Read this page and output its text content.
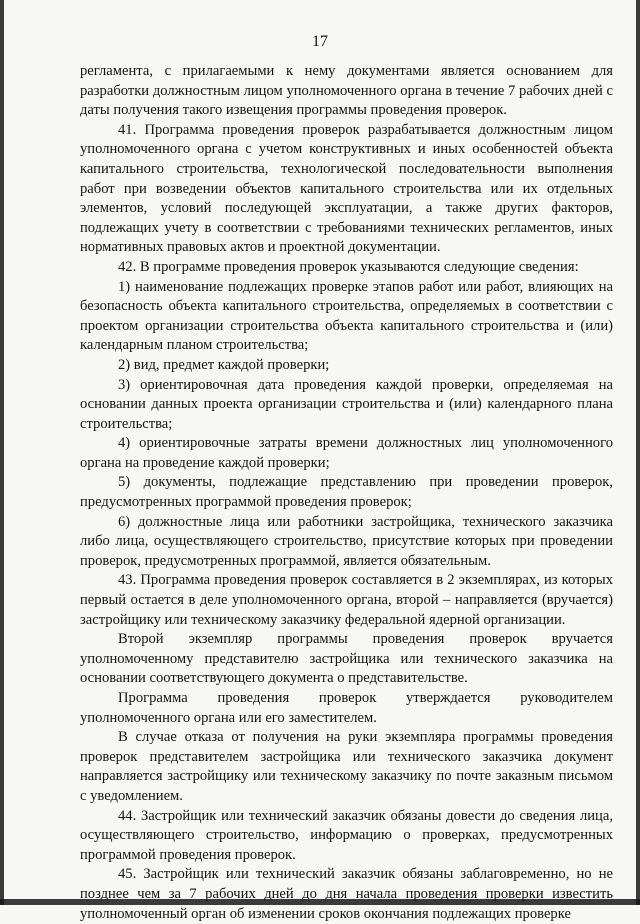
17

регламента, с прилагаемыми к нему документами является основанием для разработки должностным лицом уполномоченного органа в течение 7 рабочих дней с даты получения такого извещения программы проведения проверок.

41. Программа проведения проверок разрабатывается должностным лицом уполномоченного органа с учетом конструктивных и иных особенностей объекта капитального строительства, технологической последовательности выполнения работ при возведении объектов капитального строительства или их отдельных элементов, условий последующей эксплуатации, а также других факторов, подлежащих учету в соответствии с требованиями технических регламентов, иных нормативных правовых актов и проектной документации.

42. В программе проведения проверок указываются следующие сведения:

1) наименование подлежащих проверке этапов работ или работ, влияющих на безопасность объекта капитального строительства, определяемых в соответствии с проектом организации строительства объекта капитального строительства и (или) календарным планом строительства;

2) вид, предмет каждой проверки;

3) ориентировочная дата проведения каждой проверки, определяемая на основании данных проекта организации строительства и (или) календарного плана строительства;

4) ориентировочные затраты времени должностных лиц уполномоченного органа на проведение каждой проверки;

5) документы, подлежащие представлению при проведении проверок, предусмотренных программой проведения проверок;

6) должностные лица или работники застройщика, технического заказчика либо лица, осуществляющего строительство, присутствие которых при проведении проверок, предусмотренных программой, является обязательным.

43. Программа проведения проверок составляется в 2 экземплярах, из которых первый остается в деле уполномоченного органа, второй – направляется (вручается) застройщику или техническому заказчику федеральной ядерной организации.

Второй экземпляр программы проведения проверок вручается уполномоченному представителю застройщика или технического заказчика на основании соответствующего документа о представительстве.

Программа проведения проверок утверждается руководителем уполномоченного органа или его заместителем.

В случае отказа от получения на руки экземпляра программы проведения проверок представителем застройщика или технического заказчика документ направляется застройщику или техническому заказчику по почте заказным письмом с уведомлением.

44. Застройщик или технический заказчик обязаны довести до сведения лица, осуществляющего строительство, информацию о проверках, предусмотренных программой проведения проверок.

45. Застройщик или технический заказчик обязаны заблаговременно, но не позднее чем за 7 рабочих дней до дня начала проведения проверки известить уполномоченный орган об изменении сроков окончания подлежащих проверке
